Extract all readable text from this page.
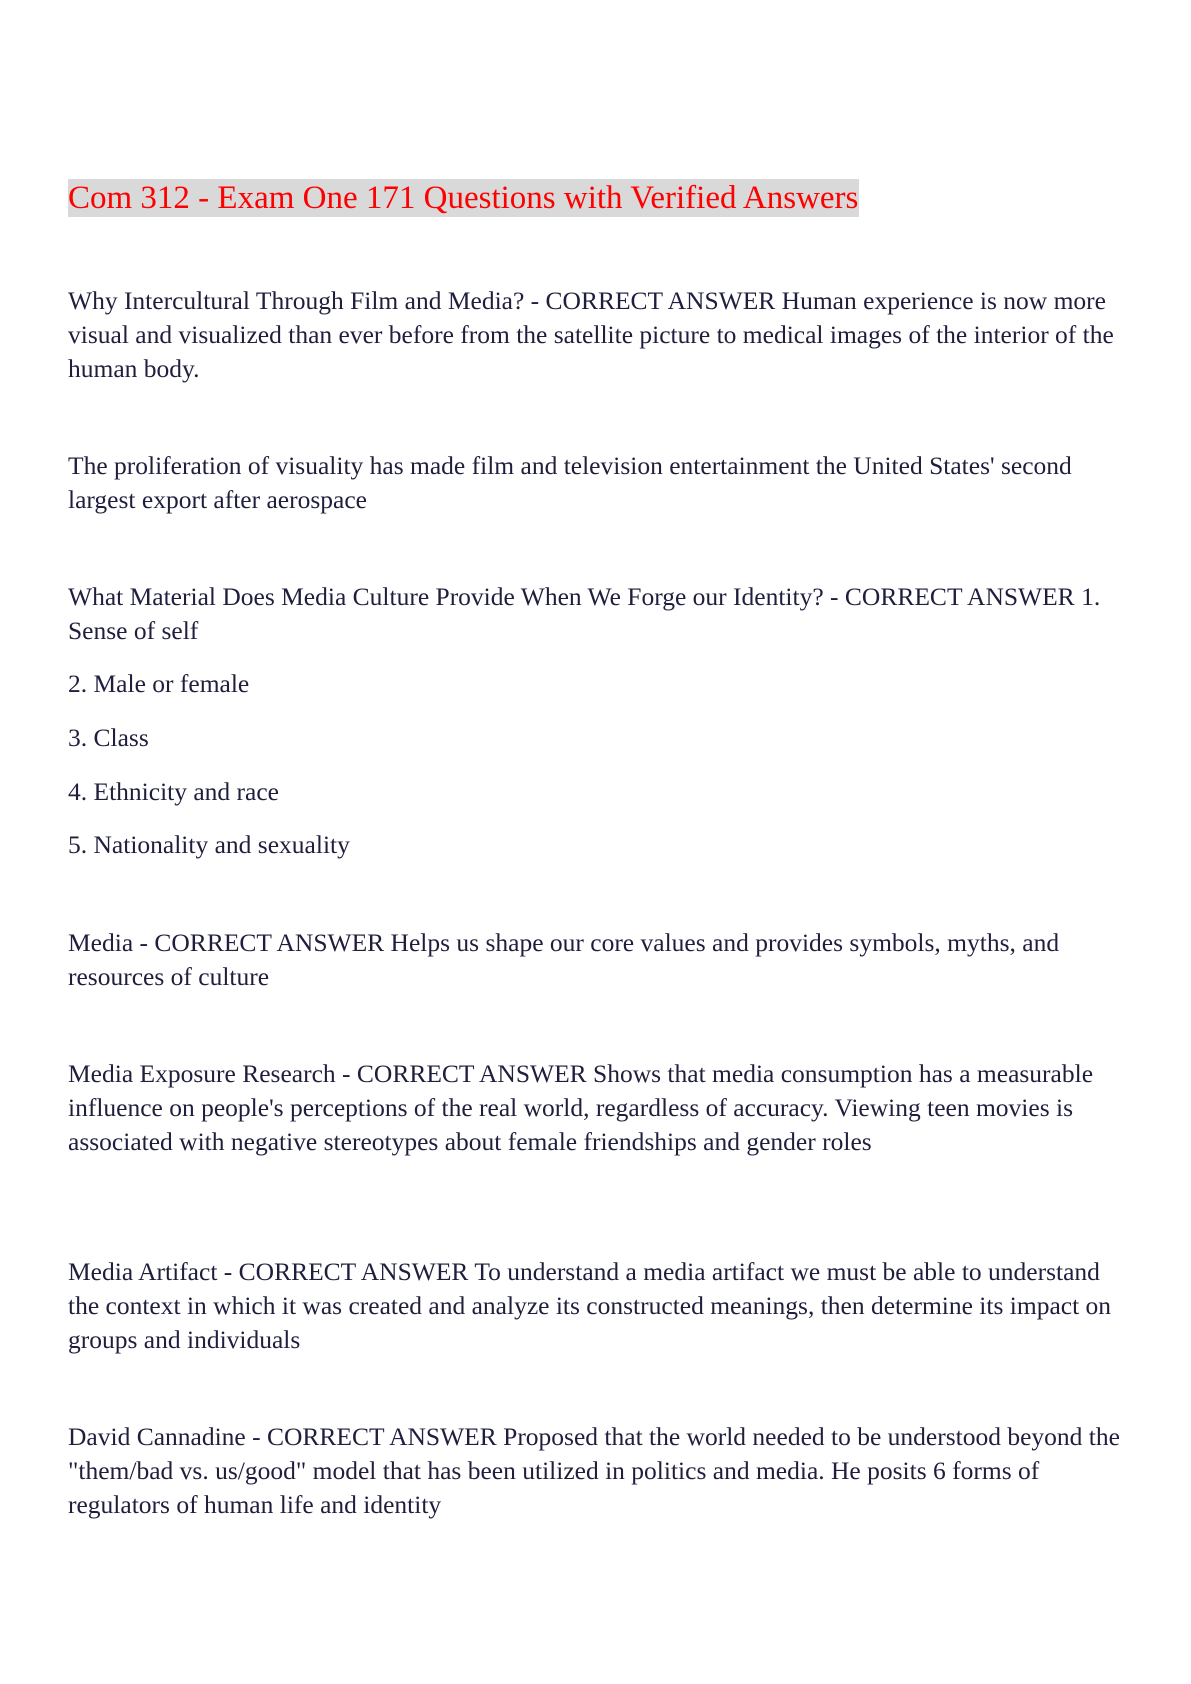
Com 312 - Exam One 171 Questions with Verified Answers

Why Intercultural Through Film and Media? - CORRECT ANSWER Human experience is now more visual and visualized than ever before from the satellite picture to medical images of the interior of the human body.

The proliferation of visuality has made film and television entertainment the United States' second largest export after aerospace

What Material Does Media Culture Provide When We Forge our Identity? - CORRECT ANSWER 1. Sense of self

2. Male or female

3. Class

4. Ethnicity and race

5. Nationality and sexuality

Media - CORRECT ANSWER Helps us shape our core values and provides symbols, myths, and resources of culture

Media Exposure Research - CORRECT ANSWER Shows that media consumption has a measurable influence on people's perceptions of the real world, regardless of accuracy. Viewing teen movies is associated with negative stereotypes about female friendships and gender roles

Media Artifact - CORRECT ANSWER To understand a media artifact we must be able to understand the context in which it was created and analyze its constructed meanings, then determine its impact on groups and individuals

David Cannadine - CORRECT ANSWER Proposed that the world needed to be understood beyond the "them/bad vs. us/good" model that has been utilized in politics and media. He posits 6 forms of regulators of human life and identity
